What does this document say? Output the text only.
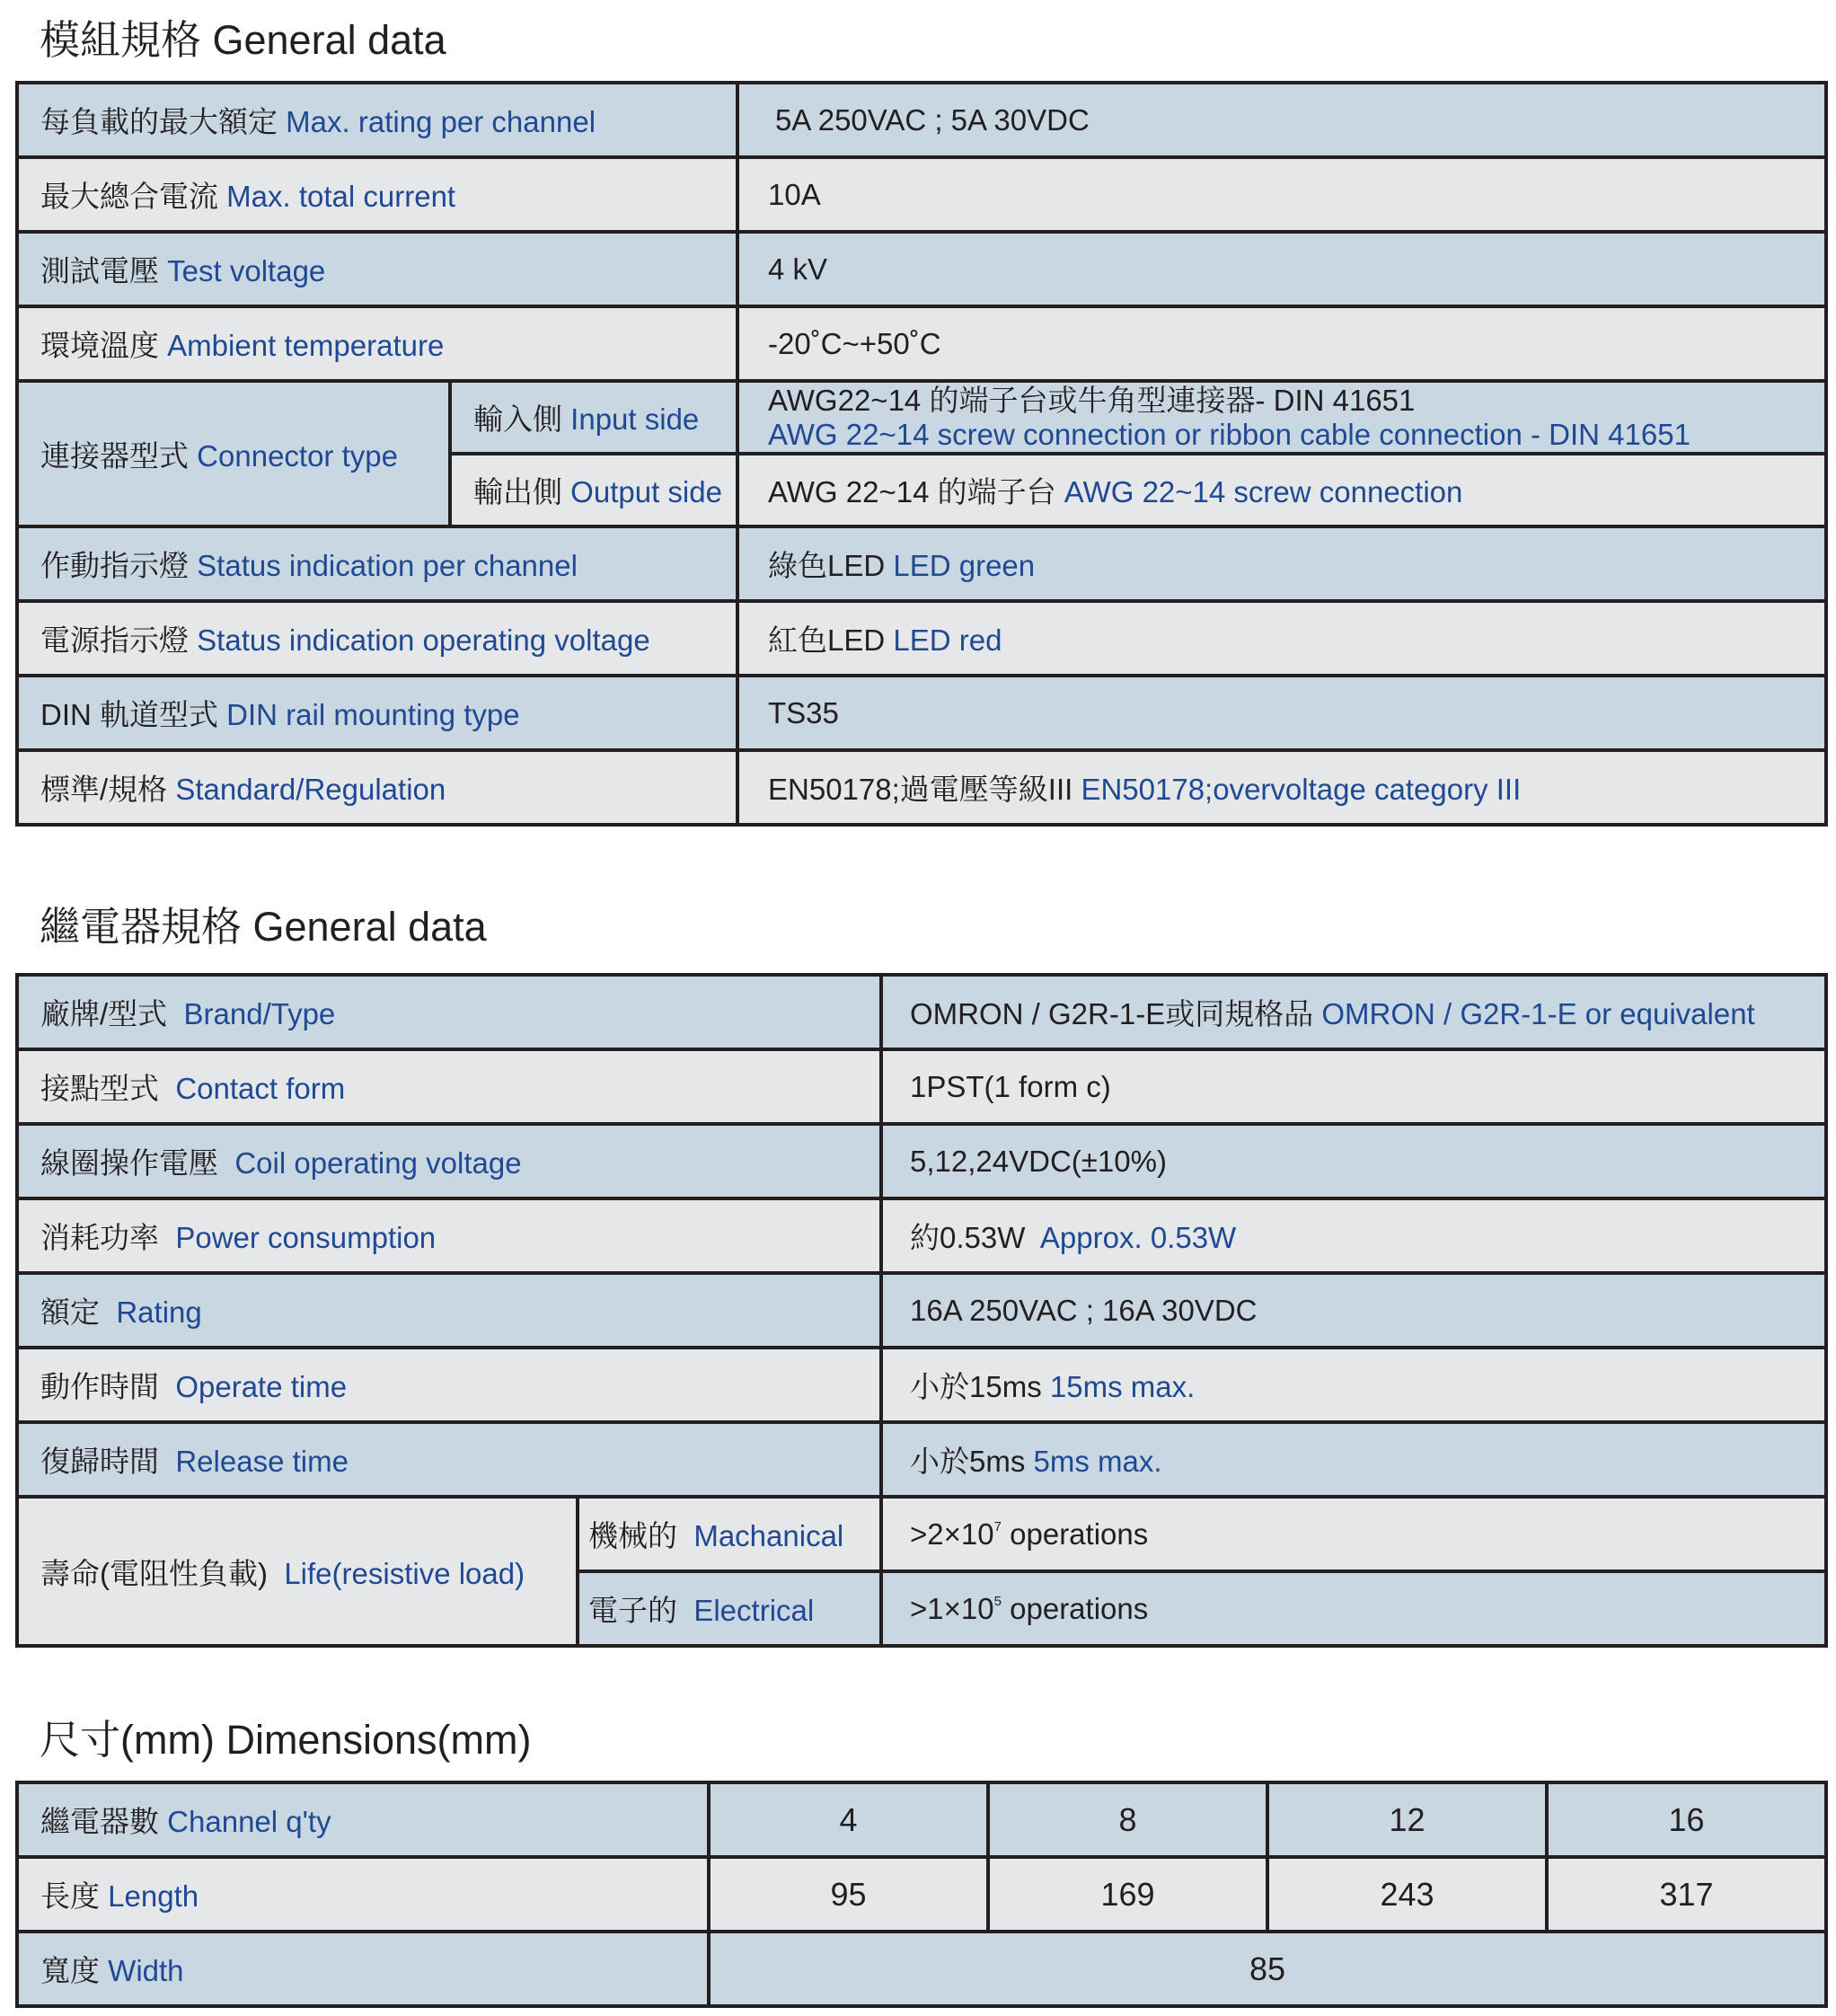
模組規格 General data
每負載的最大額定 Max. rating per channel		5A 250VAC ; 5A 30VDC
最大總合電流 Max. total current		10A
測試電壓 Test voltage		4 kV
環境溫度 Ambient temperature		-20˚C~+50˚C
連接器型式 Connector type	輸入側 Input side	AWG22~14 的端子台或牛角型連接器- DIN 41651
AWG 22~14 screw connection or ribbon cable connection - DIN 41651

	輸出側 Output side	AWG 22~14 的端子台 AWG 22~14 screw connection
作動指示燈 Status indication per channel		綠色LED LED green
電源指示燈 Status indication operating voltage		紅色LED LED red
DIN 軌道型式 DIN rail mounting type		TS35
標準/規格 Standard/Regulation		EN50178;過電壓等級III EN50178;overvoltage category III
繼電器規格 General data
廠牌/型式 Brand/Type		OMRON / G2R-1-E或同規格品 OMRON / G2R-1-E or equivalent
接點型式 Contact form		1PST(1 form c)
線圈操作電壓 Coil operating voltage		5,12,24VDC(±10%)
消耗功率 Power consumption		約0.53W Approx. 0.53W
額定 Rating		16A 250VAC ; 16A 30VDC
動作時間 Operate time		小於15ms 15ms max.
復歸時間 Release time		小於5ms 5ms max.
壽命(電阻性負載) Life(resistive load)	機械的 Machanical	$>2\times 10^7$ operations
	電子的 Electrical	$>1\times 10^5$ operations
尺寸(mm) Dimensions(mm)
繼電器數 Channel q'ty	4	8	12	16
長度 Length	95	169	243	317
寬度 Width	85			
